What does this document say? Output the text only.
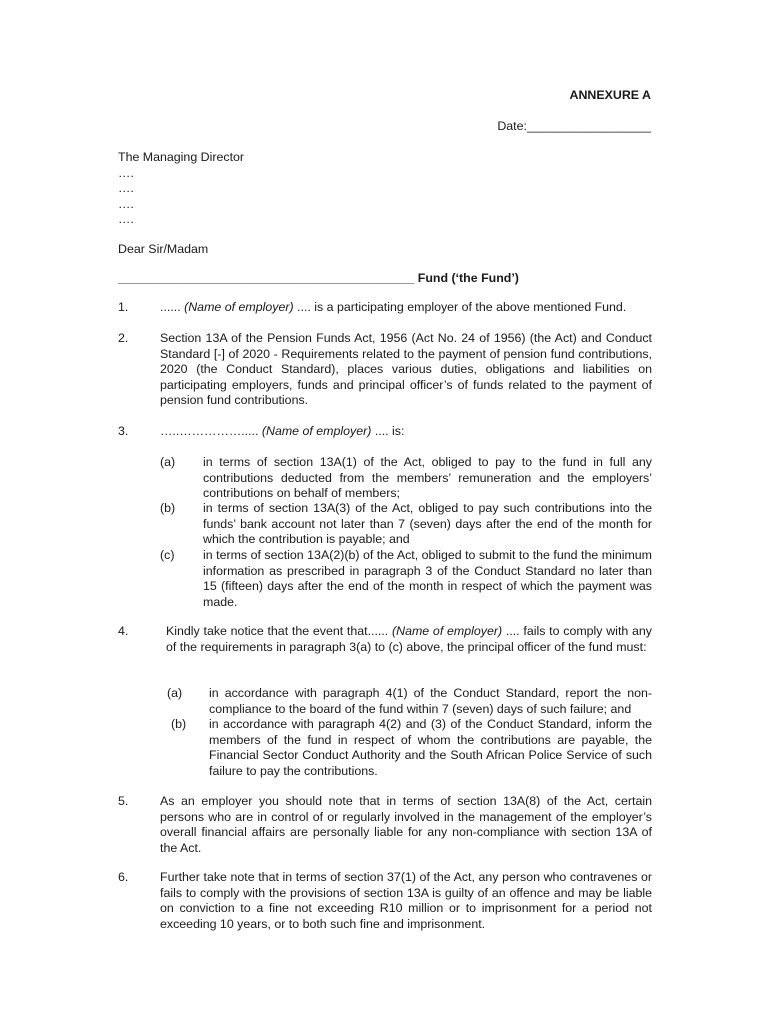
ANNEXURE A
Date:__________________
The Managing Director
….
….
….
….
Dear Sir/Madam
___________________________________________ Fund (‘the Fund’)
1.	...... (Name of employer) .... is a participating employer of the above mentioned Fund.
2.	Section 13A of the Pension Funds Act, 1956 (Act No. 24 of 1956) (the Act) and Conduct Standard [-] of 2020 - Requirements related to the payment of pension fund contributions, 2020 (the Conduct Standard), places various duties, obligations and liabilities on participating employers, funds and principal officer’s of funds related to the payment of pension fund contributions.
3.	…..……………..... (Name of employer) .... is:
(a) in terms of section 13A(1) of the Act, obliged to pay to the fund in full any contributions deducted from the members’ remuneration and the employers’ contributions on behalf of members;
(b) in terms of section 13A(3) of the Act, obliged to pay such contributions into the funds’ bank account not later than 7 (seven) days after the end of the month for which the contribution is payable; and
(c) in terms of section 13A(2)(b) of the Act, obliged to submit to the fund the minimum information as prescribed in paragraph 3 of the Conduct Standard no later than 15 (fifteen) days after the end of the month in respect of which the payment was made.
4.	Kindly take notice that the event that...... (Name of employer) .... fails to comply with any of the requirements in paragraph 3(a) to (c) above, the principal officer of the fund must:
(a) in accordance with paragraph 4(1) of the Conduct Standard, report the non-compliance to the board of the fund within 7 (seven) days of such failure; and
(b) in accordance with paragraph 4(2) and (3) of the Conduct Standard, inform the members of the fund in respect of whom the contributions are payable, the Financial Sector Conduct Authority and the South African Police Service of such failure to pay the contributions.
5.	As an employer you should note that in terms of section 13A(8) of the Act, certain persons who are in control of or regularly involved in the management of the employer’s overall financial affairs are personally liable for any non-compliance with section 13A of the Act.
6.	Further take note that in terms of section 37(1) of the Act, any person who contravenes or fails to comply with the provisions of section 13A is guilty of an offence and may be liable on conviction to a fine not exceeding R10 million or to imprisonment for a period not exceeding 10 years, or to both such fine and imprisonment.
